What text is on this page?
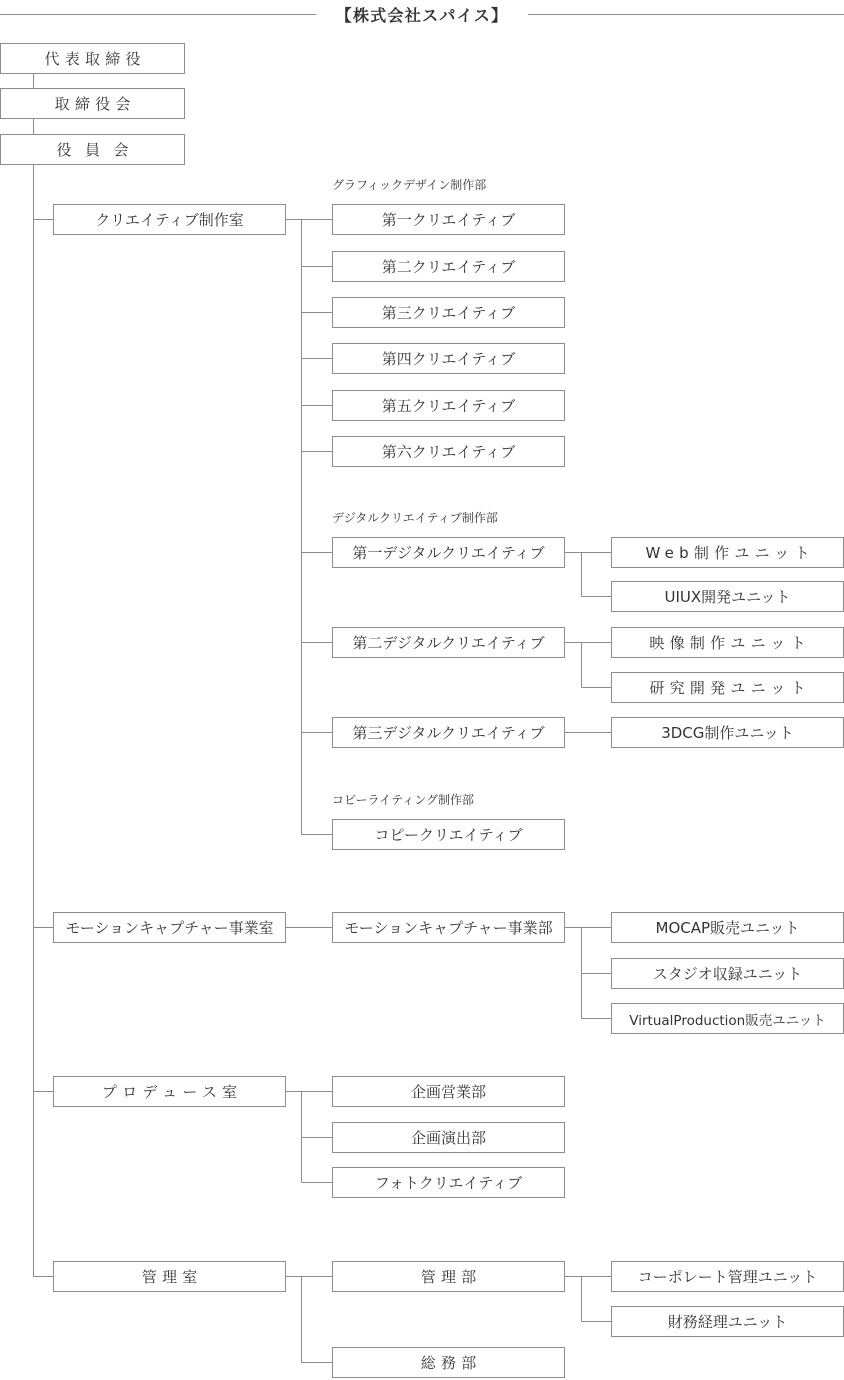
【株式会社スパイス】
代表取締役
取締役会
役員会
クリエイティブ制作室
モーションキャプチャー事業室
プロデュース室
管理室
グラフィックデザイン制作部
デジタルクリエイティブ制作部
コピーライティング制作部
第一クリエイティブ
第二クリエイティブ
第三クリエイティブ
第四クリエイティブ
第五クリエイティブ
第六クリエイティブ
第一デジタルクリエイティブ
第二デジタルクリエイティブ
第三デジタルクリエイティブ
コピークリエイティブ
モーションキャプチャー事業部
企画営業部
企画演出部
フォトクリエイティブ
管理部
総務部
Web制作ユニット
UIUX開発ユニット
映像制作ユニット
研究開発ユニット
3DCG制作ユニット
MOCAP販売ユニット
スタジオ収録ユニット
VirtualProduction販売ユニット
コーポレート管理ユニット
財務経理ユニット
